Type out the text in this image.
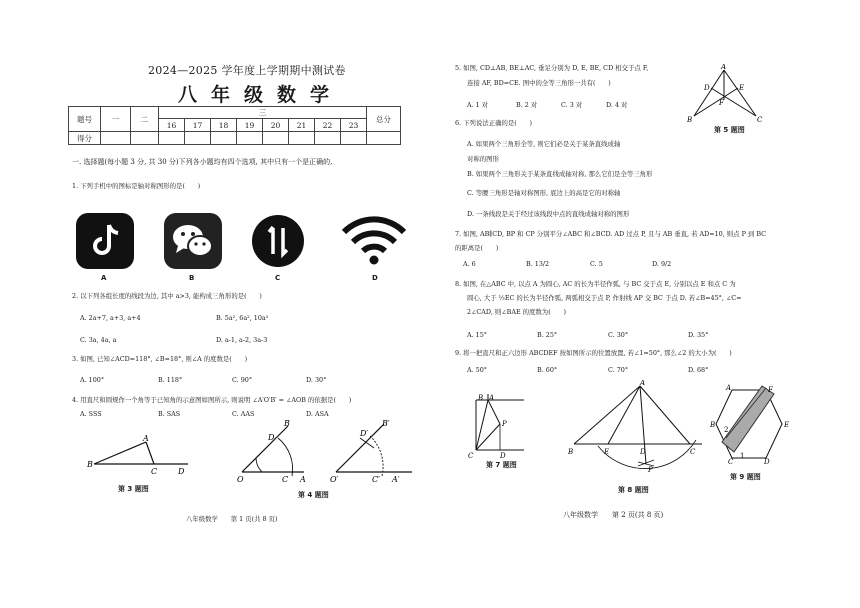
2024—2025 学年度上学期期中测试卷
八年级数学
题号	一	二	三								总分
			16	17	18	19	20	21	22	23	
得分											
一. 选择题(每小题 3 分, 共 30 分)下列各小题均有四个选项, 其中只有一个是正确的,
1. 下列手机中的图标是轴对称图形的是(　　)
A	B	C	D
2. 以下列各组长度的线段为边, 其中 a>3, 能构成三角形的是(　　)
A. 2a+7, a+3, a+4	B. 5a², 6a², 10a²
C. 3a, 4a, a	D. a-1, a-2, 3a-3
3. 如图, 已知∠ACD=118°, ∠B=18°, 则∠A 的度数是(　　)
A. 100°	B. 118°	C. 90°	D. 30°
4. 用直尺和圆规作一个角等于已知角的示意图如图所示, 则说明 ∠A′O′B′ = ∠AOB 的依据是(　　)
A. SSS	B. SAS	C. AAS	D. ASA
B
A
C	D
第 3 题图
O	C A
D
B
O′	C′ A′
D′
B′
第 4 题图
八年级数学　　第 1 页(共 8 页)
5. 如图, CD⊥AB, BE⊥AC, 垂足分别为 D, E, BE, CD 相交于点 F,
连接 AF, BD=CE. 图中的全等三角形一共有(　　)
A. 1 对	B. 2 对	C. 3 对	D. 4 对
A
D	E
F
B	C
第 5 题图
6. 下列说法正确的是(　　)
A. 如果两个三角形全等, 则它们必是关于某条直线成轴
对称的图形
B. 如果两个三角形关于某条直线成轴对称, 那么它们是全等三角形
C. 等腰三角形是轴对称图形, 底边上的高是它的对称轴
D. 一条线段是关于经过该线段中点的直线成轴对称的图形
7. 如图, AB∥CD, BP 和 CP 分别平分∠ABC 和∠BCD. AD 过点 P, 且与 AB 垂直, 若 AD=10, 则点 P 到 BC
的距离是(　　)
A. 6	B. 13/2	C. 5	D. 9/2
8. 如图, 在△ABC 中, 以点 A 为圆心, AC 的长为半径作弧, 与 BC 交于点 E, 分别以点 E 和点 C 为
圆心, 大于 ½EC 的长为半径作弧, 两弧相交于点 P, 作射线 AP 交 BC 于点 D. 若∠B=45°, ∠C=
2∠CAD, 则∠BAE 的度数为(　　)
A. 15°	B. 25°	C. 30°	D. 35°
9. 将一把直尺和正六边形 ABCDEF 按如图所示的位置放置, 若∠1=50°, 那么∠2 的大小为(　　)
A. 50°	B. 60°	C. 70°	D. 68°
B A
P
C	D
第 7 题图
A
B	E	D	C
P
第 8 题图
F
A
E
B
2
1
C	D
第 9 题图
八年级数学　　第 2 页(共 8 页)
